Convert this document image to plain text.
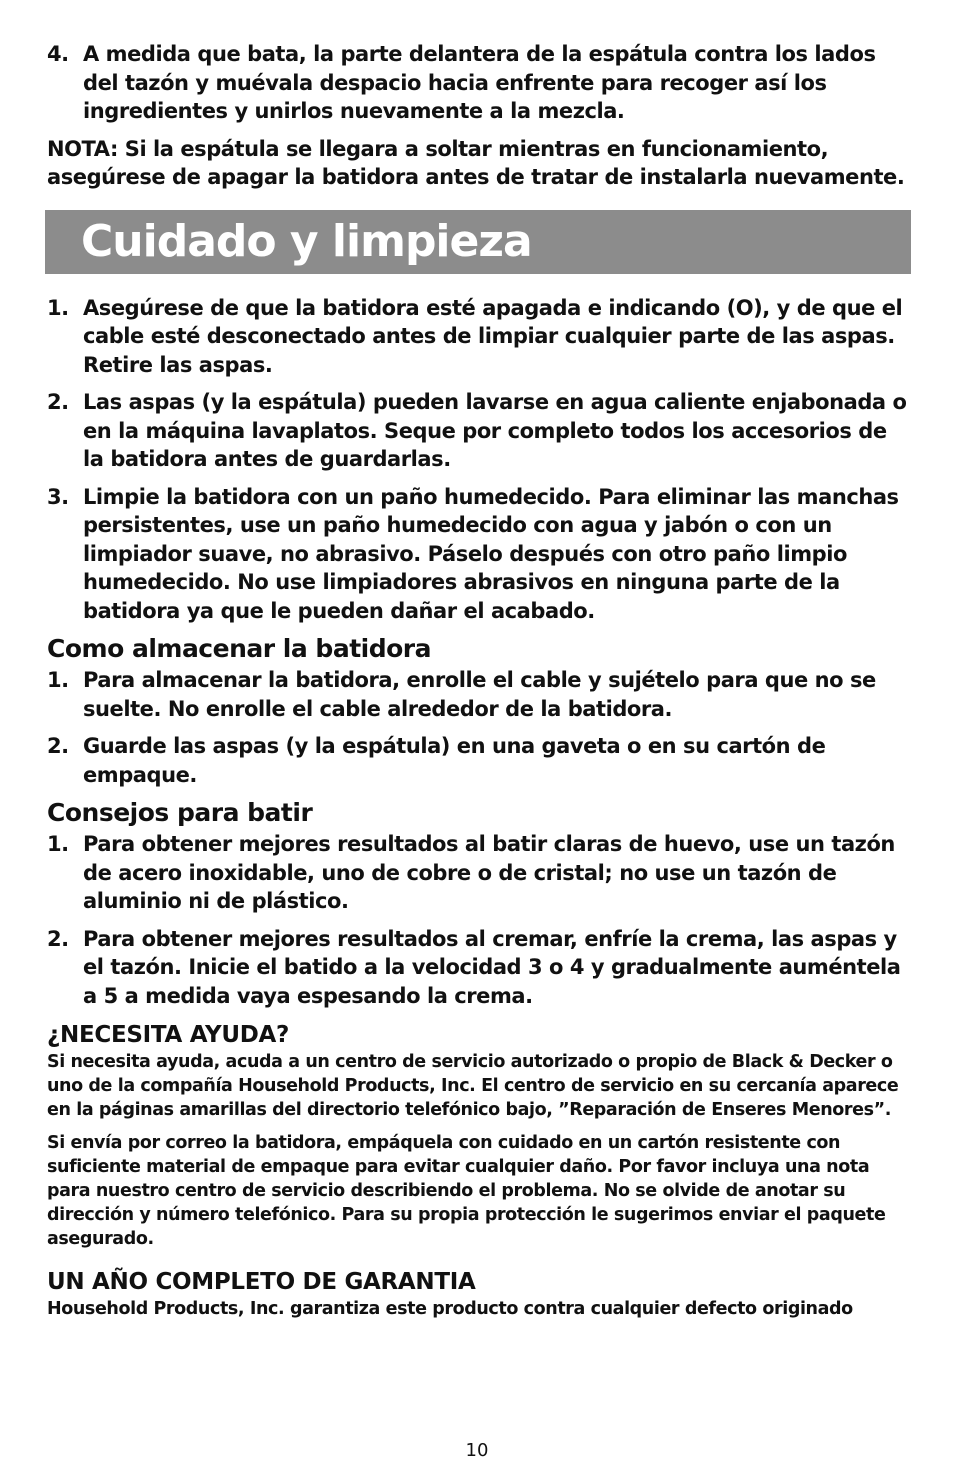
4. A medida que bata, la parte delantera de la espátula contra los lados del tazón y muévala despacio hacia enfrente para recoger así los ingredientes y unirlos nuevamente a la mezcla.
NOTA: Si la espátula se llegara a soltar mientras en funcionamiento, asegúrese de apagar la batidora antes de tratar de instalarla nuevamente.
Cuidado y limpieza
1. Asegúrese de que la batidora esté apagada e indicando (O), y de que el cable esté desconectado antes de limpiar cualquier parte de las aspas. Retire las aspas.
2. Las aspas (y la espátula) pueden lavarse en agua caliente enjabonada o en la máquina lavaplatos. Seque por completo todos los accesorios de la batidora antes de guardarlas.
3. Limpie la batidora con un paño humedecido. Para eliminar las manchas persistentes, use un paño humedecido con agua y jabón o con un limpiador suave, no abrasivo. Páselo después con otro paño limpio humedecido. No use limpiadores abrasivos en ninguna parte de la batidora ya que le pueden dañar el acabado.
Como almacenar la batidora
1. Para almacenar la batidora, enrolle el cable y sujételo para que no se suelte. No enrolle el cable alrededor de la batidora.
2. Guarde las aspas (y la espátula) en una gaveta o en su cartón de empaque.
Consejos para batir
1. Para obtener mejores resultados al batir claras de huevo, use un tazón de acero inoxidable, uno de cobre o de cristal; no use un tazón de aluminio ni de plástico.
2. Para obtener mejores resultados al cremar, enfríe la crema, las aspas y el tazón. Inicie el batido a la velocidad 3 o 4 y gradualmente auméntela a 5 a medida vaya espesando la crema.
¿NECESITA AYUDA?
Si necesita ayuda, acuda a un centro de servicio autorizado o propio de Black & Decker o uno de la compañía Household Products, Inc. El centro de servicio en su cercanía aparece en la páginas amarillas del directorio telefónico bajo, ”Reparación de Enseres Menores”.
Si envía por correo la batidora, empáquela con cuidado en un cartón resistente con suficiente material de empaque para evitar cualquier daño. Por favor incluya una nota para nuestro centro de servicio describiendo el problema. No se olvide de anotar su dirección y número telefónico. Para su propia protección le sugerimos enviar el paquete asegurado.
UN AÑO COMPLETO DE GARANTIA
Household Products, Inc. garantiza este producto contra cualquier defecto originado
10
